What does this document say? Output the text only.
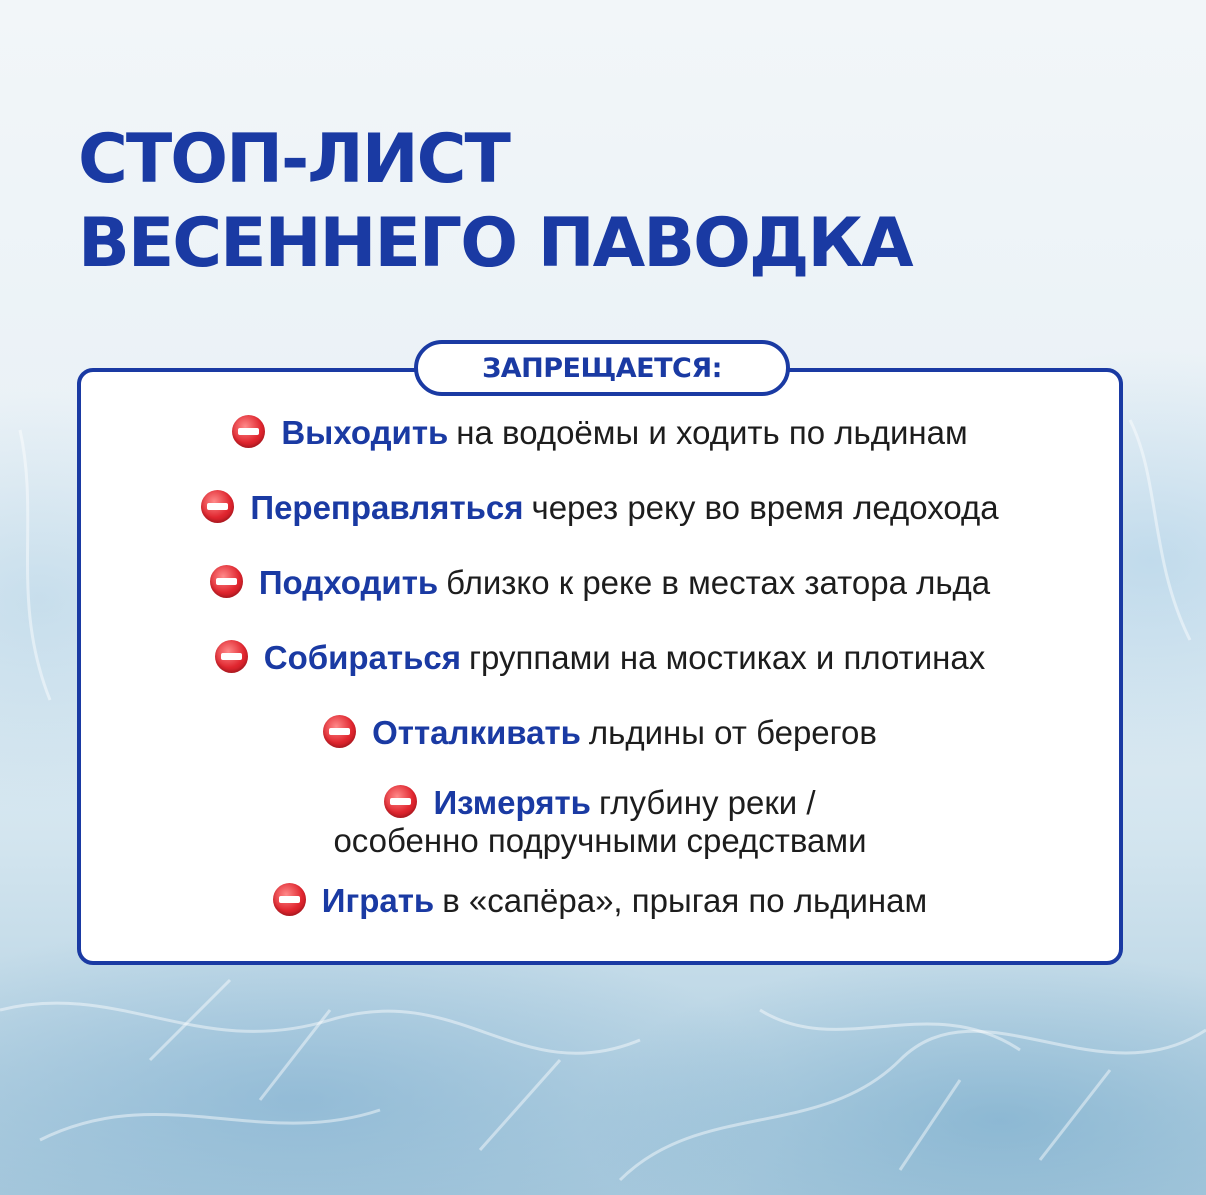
СТОП-ЛИСТ
ВЕСЕННЕГО ПАВОДКА
ЗАПРЕЩАЕТСЯ:
Выходить на водоёмы и ходить по льдинам
Переправляться через реку во время ледохода
Подходить близко к реке в местах затора льда
Собираться группами на мостиках и плотинах
Отталкивать льдины от берегов
Измерять глубину реки /
особенно подручными средствами
Играть в «сапёра», прыгая по льдинам
